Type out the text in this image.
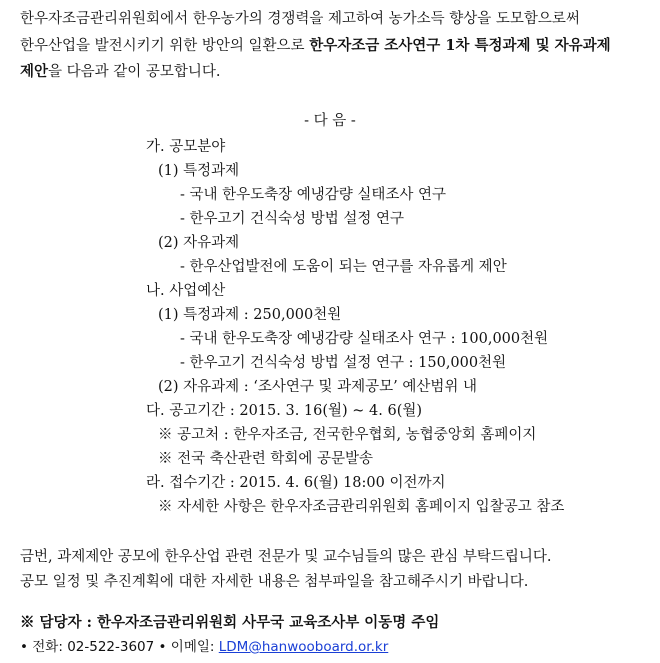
한우자조금관리위원회에서 한우농가의 경쟁력을 제고하여 농가소득 향상을 도모함으로써
한우산업을 발전시키기 위한 방안의 일환으로 한우자조금 조사연구 1차 특정과제 및 자유과제
제안을 다음과 같이 공모합니다.
- 다 음 -
가. 공모분야
(1) 특정과제
- 국내 한우도축장 예냉감량 실태조사 연구
- 한우고기 건식숙성 방법 설정 연구
(2) 자유과제
- 한우산업발전에 도움이 되는 연구를 자유롭게 제안
나. 사업예산
(1) 특정과제 : 250,000천원
- 국내 한우도축장 예냉감량 실태조사 연구 : 100,000천원
- 한우고기 건식숙성 방법 설정 연구 : 150,000천원
(2) 자유과제 : ‘조사연구 및 과제공모’ 예산범위 내
다. 공고기간 : 2015. 3. 16(월) ~ 4. 6(월)
※ 공고처 : 한우자조금, 전국한우협회, 농협중앙회 홈페이지
※ 전국 축산관련 학회에 공문발송
라. 접수기간 : 2015. 4. 6(월) 18:00 이전까지
※ 자세한 사항은 한우자조금관리위원회 홈페이지 입찰공고 참조
금번, 과제제안 공모에 한우산업 관련 전문가 및 교수님들의 많은 관심 부탁드립니다.
공모 일정 및 추진계획에 대한 자세한 내용은 첨부파일을 참고해주시기 바랍니다.
※ 담당자 : 한우자조금관리위원회 사무국 교육조사부 이동명 주임
• 전화: 02-522-3607 • 이메일: LDM@hanwooboard.or.kr
